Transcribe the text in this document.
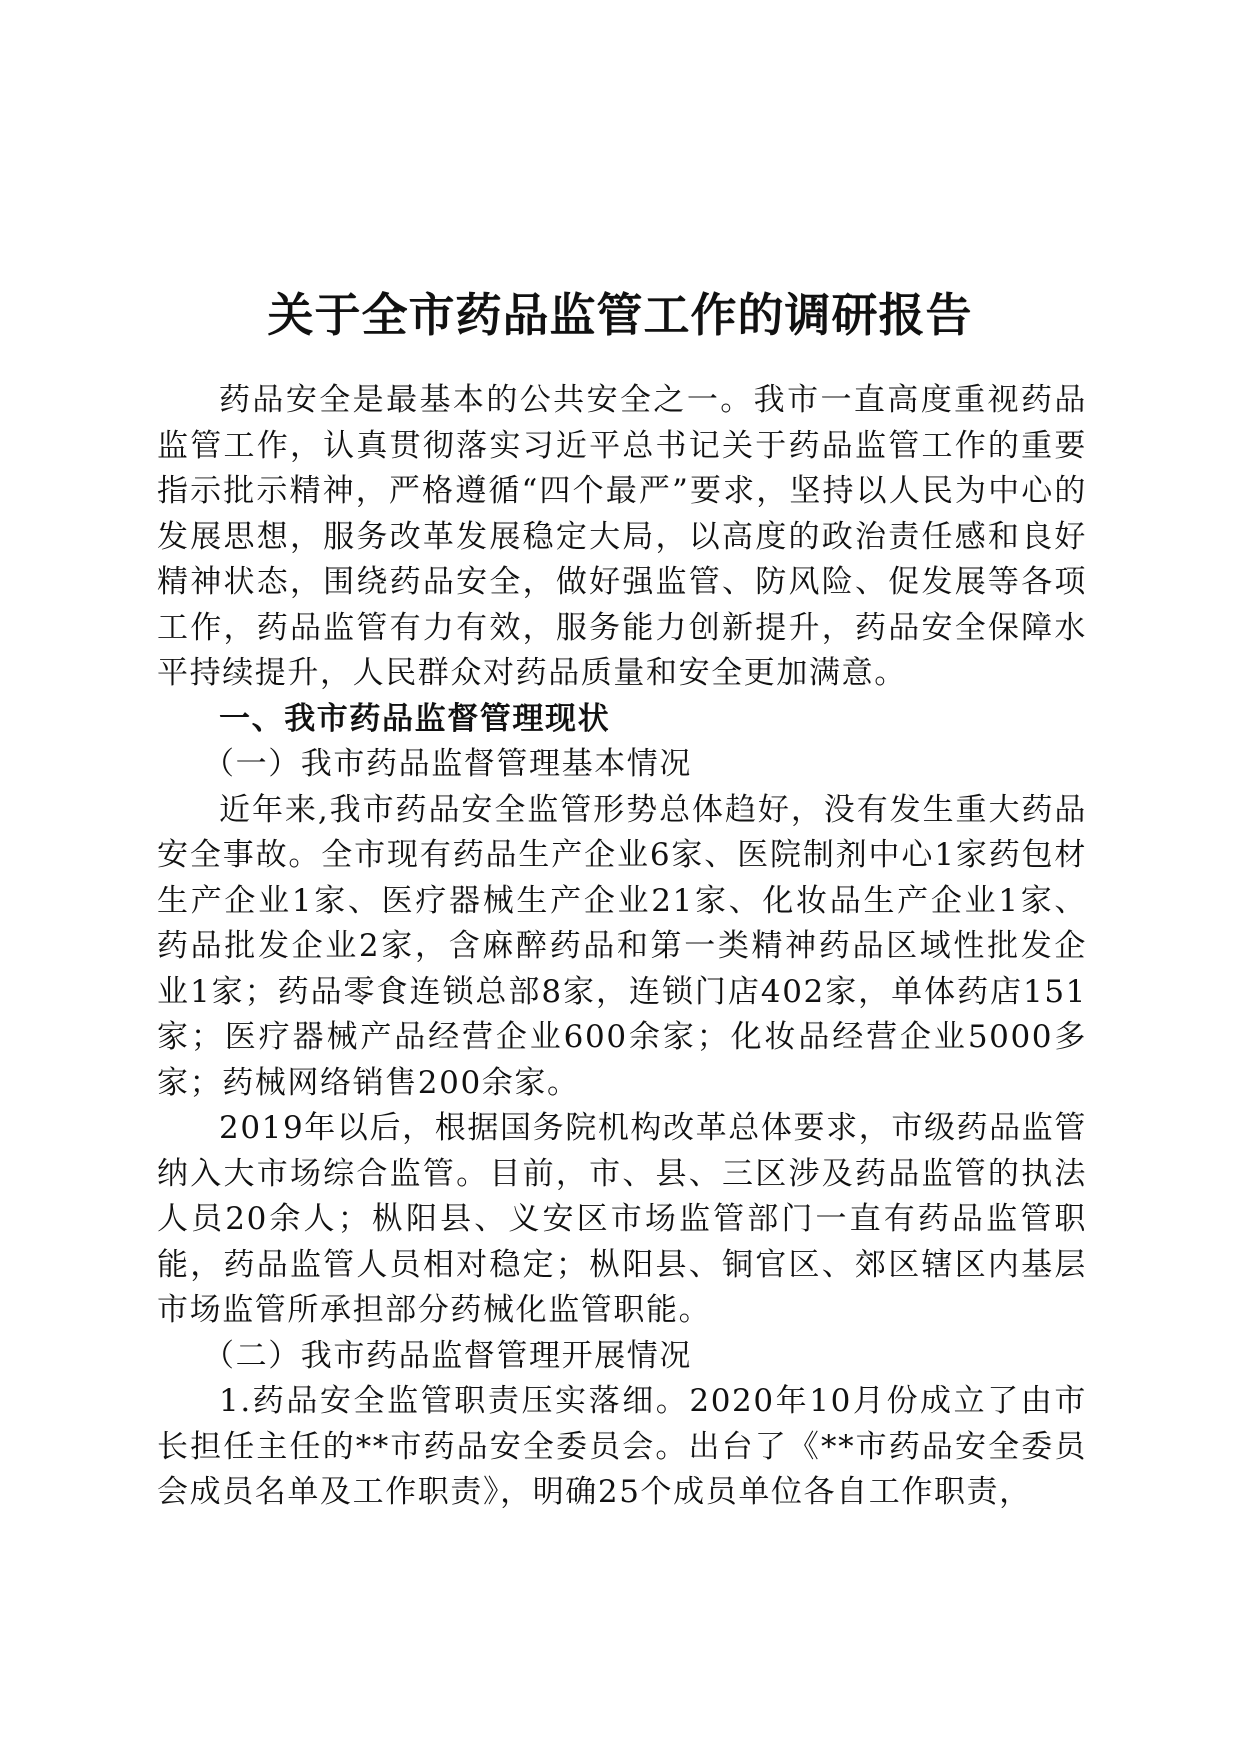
关于全市药品监管工作的调研报告

药品安全是最基本的公共安全之一。我市一直高度重视药品监管工作，认真贯彻落实习近平总书记关于药品监管工作的重要指示批示精神，严格遵循“四个最严”要求，坚持以人民为中心的发展思想，服务改革发展稳定大局，以高度的政治责任感和良好精神状态，围绕药品安全，做好强监管、防风险、促发展等各项工作，药品监管有力有效，服务能力创新提升，药品安全保障水平持续提升，人民群众对药品质量和安全更加满意。

一、我市药品监督管理现状

（一）我市药品监督管理基本情况

近年来,我市药品安全监管形势总体趋好，没有发生重大药品安全事故。全市现有药品生产企业6家、医院制剂中心1家药包材生产企业1家、医疗器械生产企业21家、化妆品生产企业1家、药品批发企业2家，含麻醉药品和第一类精神药品区域性批发企业1家；药品零食连锁总部8家，连锁门店402家，单体药店151家；医疗器械产品经营企业600余家；化妆品经营企业5000多家；药械网络销售200余家。

2019年以后，根据国务院机构改革总体要求，市级药品监管纳入大市场综合监管。目前，市、县、三区涉及药品监管的执法人员20余人；枞阳县、义安区市场监管部门一直有药品监管职能，药品监管人员相对稳定；枞阳县、铜官区、郊区辖区内基层市场监管所承担部分药械化监管职能。

（二）我市药品监督管理开展情况

1.药品安全监管职责压实落细。2020年10月份成立了由市长担任主任的**市药品安全委员会。出台了《**市药品安全委员会成员名单及工作职责》，明确25个成员单位各自工作职责，
